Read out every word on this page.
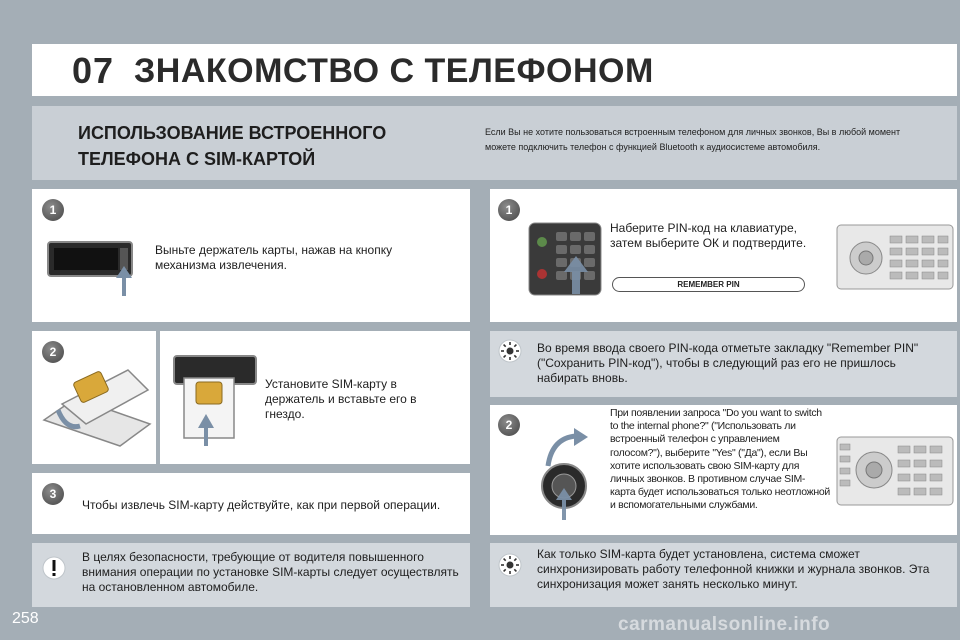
07 ЗНАКОМСТВО С ТЕЛЕФОНОМ
ИСПОЛЬЗОВАНИЕ ВСТРОЕННОГО
ТЕЛЕФОНА С SIM-КАРТОЙ
Если Вы не хотите пользоваться встроенным телефоном для личных звонков, Вы в любой момент можете подключить телефон с функцией Bluetooth к аудиосистеме автомобиля.
1
Выньте держатель карты, нажав на кнопку механизма извлечения.
2
Установите SIM-карту в держатель и вставьте его в гнездо.
3
Чтобы извлечь SIM-карту действуйте, как при первой операции.
В целях безопасности, требующие от водителя повышенного внимания операции по установке SIM-карты следует осуществлять на остановленном автомобиле.
1
Наберите PIN-код на клавиатуре, затем выберите ОК и подтвердите.
REMEMBER PIN
Во время ввода своего PIN-кода отметьте закладку "Remember PIN" ("Сохранить PIN-код"), чтобы в следующий раз его не пришлось набирать вновь.
2
При появлении запроса "Do you want to switch to the internal phone?" ("Использовать ли встроенный телефон с управлением голосом?"), выберите "Yes" ("Да"), если Вы хотите использовать свою SIM-карту для личных звонков. В противном случае SIM-карта будет использоваться только неотложной и вспомогательными службами.
Как только SIM-карта будет установлена, система сможет синхронизировать работу телефонной книжки и журнала звонков. Эта синхронизация может занять несколько минут.
258	carmanualsonline.info
